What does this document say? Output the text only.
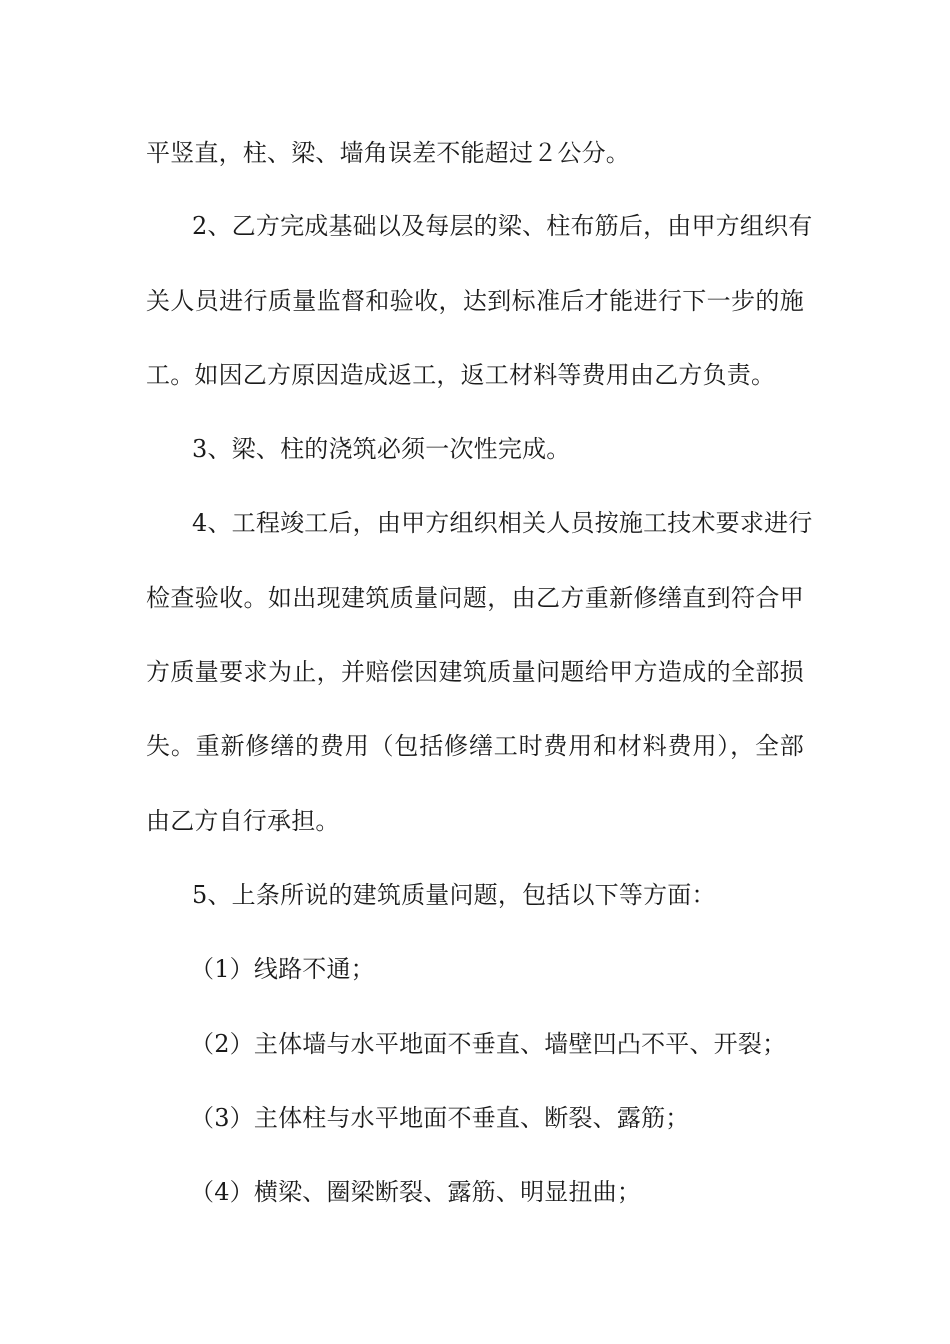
平竖直，柱、梁、墙角误差不能超过２公分。
2、乙方完成基础以及每层的梁、柱布筋后，由甲方组织有
关人员进行质量监督和验收，达到标准后才能进行下一步的施
工。如因乙方原因造成返工，返工材料等费用由乙方负责。
3、梁、柱的浇筑必须一次性完成。
4、工程竣工后，由甲方组织相关人员按施工技术要求进行
检查验收。如出现建筑质量问题，由乙方重新修缮直到符合甲
方质量要求为止，并赔偿因建筑质量问题给甲方造成的全部损
失。重新修缮的费用（包括修缮工时费用和材料费用），全部
由乙方自行承担。
5、上条所说的建筑质量问题，包括以下等方面：
（1）线路不通；
（2）主体墙与水平地面不垂直、墙壁凹凸不平、开裂；
（3）主体柱与水平地面不垂直、断裂、露筋；
（4）横梁、圈梁断裂、露筋、明显扭曲；
